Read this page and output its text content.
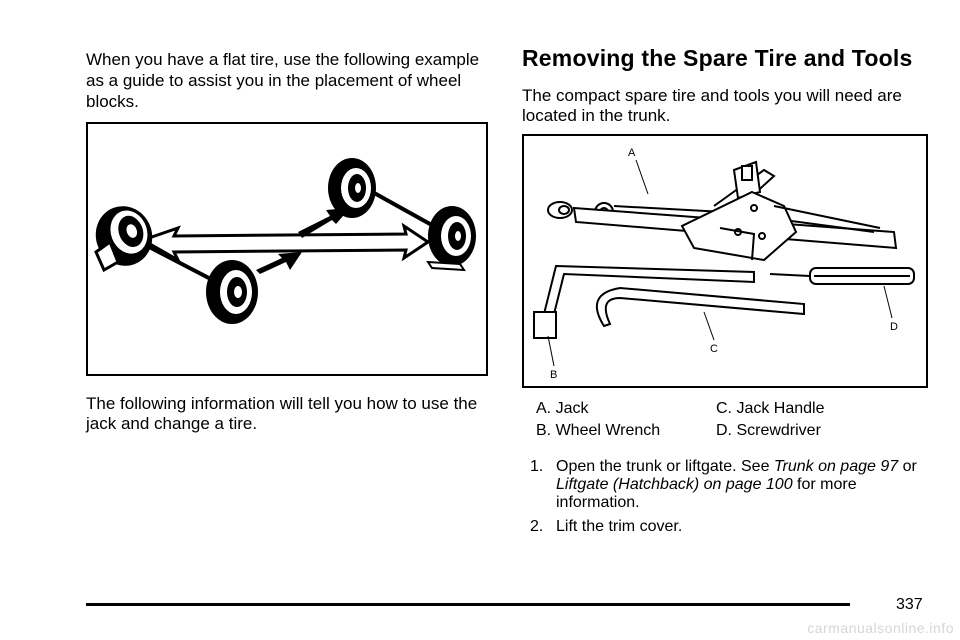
When you have a flat tire, use the following example as a guide to assist you in the placement of wheel blocks.

The following information will tell you how to use the jack and change a tire.

Removing the Spare Tire and Tools

The compact spare tire and tools you will need are located in the trunk.

A
B
C
D
A. Jack
B. Wheel Wrench
C. Jack Handle
D. Screwdriver
1. Open the trunk or liftgate. See Trunk on page 97 or Liftgate (Hatchback) on page 100 for more information.
2. Lift the trim cover.
337
carmanualsonline.info
